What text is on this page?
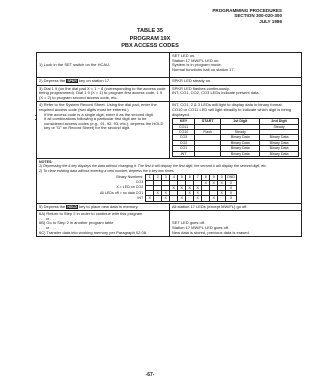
PROGRAMMING PROCEDURES
SECTION 300-020-300
JULY 1986
TABLE 35
PROGRAM 19X
PBX ACCESS CODES
1) Look in the SET switch on the HCAU.	SET LED on.
Station 17 MW/FL LED on.
System is in program mode.
Normal functions halt on station 17.
2) Depress the SPKR key on station 17.	SPKR LED steady on.
3) Dial 1 9 (on the dial pad X = 1 ~ 8 (corresponding to the access code being programmed). Dial 1 9 (X = 1) to program first access code, 1 9 (X = 2) to program second access code, etc.	SPKR LED flashes continuously.
INT, CO1, CO2, CO3 LEDs indicate present data.

4) Refer to the System Record Sheet. Using the dial pad, enter the required access code (two digits must be entered.)
• If the access code is a single digit, enter # as the second digit.
• If all combinations following a particular first digit are to be considered access codes (e.g., 91, 92, 93, etc.), depress the HOLD key or "D" on Record Sheet) for the second digit.

INT, CO1, 2 & 3 LEDs will light to display data in binary format.
CO10 or CO11 LED will light steadily to indicate which digit is being displayed.
KEY	START	1st Digit	2nd Digit
CO11			Steady
CO10	Flash	Steady	
CO3		Binary Data	Binary Data
CO2		Binary Data	Binary Data
CO1		Binary Data	Binary Data
INT		Binary Data	Binary Data

NOTES:

1) Depressing the # key displays the data without changing it. The first # will display the first digit; the second # will display the second digit, etc.

2) To clear existing data without entering a new number, depress the # key two times.

Binary Numbers:	1	2	3	4	5	6	7	8	9	0	DND
CO3								X	X	X	X
X = LED on CO2				X	X	X	X				X
All LEDs off = no data CO1		X	X			X	X			X	X
INT	X		X		X		X		X		X

5) Depress the HOLD key to place new data in memory.	All station 17 LEDs (except MW/FL) go off.
6A) Return to Step 2 in order to continue with this program
. . . or . . .
6B) Go to Step 2 in another program table
. . . or . . .
6C) Transfer data into working memory per Paragraph 02.08.	SET LED goes off.
Station 17 MW/FL LED goes off.
New data is stored, previous data is erased.
-67-
